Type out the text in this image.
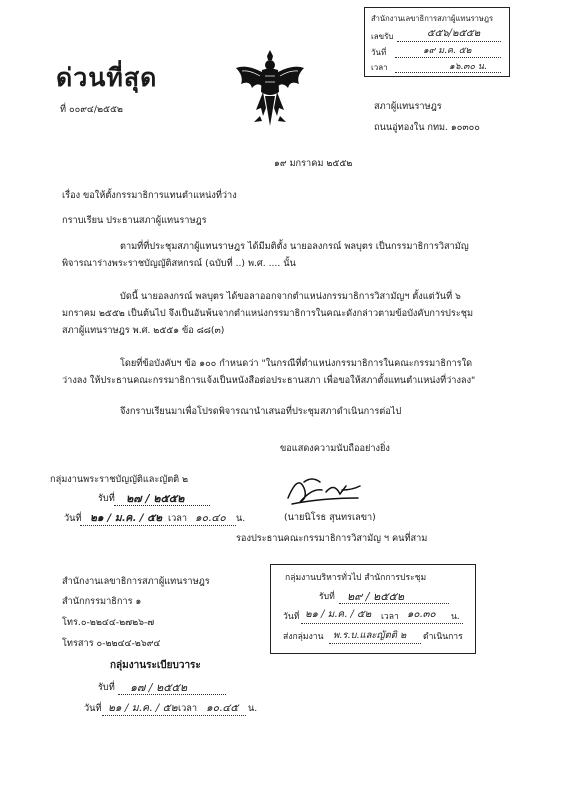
ด่วนที่สุด
ที่ ๐๐๙๔/๒๕๕๒
สำนักงานเลขาธิการสภาผู้แทนราษฎร
เลขรับ	๕๕๖/๒๕๕๒
วันที่	๑๙ ม.ค. ๕๒
เวลา	๑๖.๓๐ น.
สภาผู้แทนราษฎร
ถนนอู่ทองใน กทม. ๑๐๓๐๐
๑๙ มกราคม ๒๕๕๒
เรื่อง ขอให้ตั้งกรรมาธิการแทนตำแหน่งที่ว่าง
กราบเรียน ประธานสภาผู้แทนราษฎร
ตามที่ที่ประชุมสภาผู้แทนราษฎร ได้มีมติตั้ง นายอลงกรณ์ พลบุตร เป็นกรรมาธิการวิสามัญ
พิจารณาร่างพระราชบัญญัติสหกรณ์ (ฉบับที่ ..) พ.ศ. .... นั้น
บัดนี้ นายอลงกรณ์ พลบุตร ได้ขอลาออกจากตำแหน่งกรรมาธิการวิสามัญฯ ตั้งแต่วันที่ ๖
มกราคม ๒๕๕๒ เป็นต้นไป จึงเป็นอันพ้นจากตำแหน่งกรรมาธิการในคณะดังกล่าวตามข้อบังคับการประชุม
สภาผู้แทนราษฎร พ.ศ. ๒๕๕๑ ข้อ ๘๘(๓)
โดยที่ข้อบังคับฯ ข้อ ๑๐๐ กำหนดว่า "ในกรณีที่ตำแหน่งกรรมาธิการในคณะกรรมาธิการใด
ว่างลง ให้ประธานคณะกรรมาธิการแจ้งเป็นหนังสือต่อประธานสภา เพื่อขอให้สภาตั้งแทนตำแหน่งที่ว่างลง"
จึงกราบเรียนมาเพื่อโปรดพิจารณานำเสนอที่ประชุมสภาดำเนินการต่อไป
ขอแสดงความนับถืออย่างยิ่ง
(นายนิโรธ สุนทรเลขา)
รองประธานคณะกรรมาธิการวิสามัญ ฯ คนที่สาม
กลุ่มงานพระราชบัญญัติและญัตติ ๒
รับที่ ๒๗ / ๒๕๕๒
วันที่ ๒๑ / ม.ค. / ๕๒ เวลา ๑๐.๔๐ น.
สำนักงานเลขาธิการสภาผู้แทนราษฎร
สำนักกรรมาธิการ ๑
โทร.๐-๒๒๔๔-๒๗๒๖-๗
โทรสาร ๐-๒๒๔๔-๒๖๙๔
กลุ่มงานบริหารทั่วไป สำนักการประชุม
รับที่ ๒๙ / ๒๕๕๒
วันที่ ๒๑ / ม.ค. / ๕๒ เวลา ๑๐.๓๐ น.
ส่งกลุ่มงาน พ.ร.บ.และญัตติ ๒ ดำเนินการ
กลุ่มงานระเบียบวาระ
รับที่ ๑๗ / ๒๕๕๒
วันที่ ๒๑ / ม.ค. / ๕๒ เวลา ๑๐.๔๕ น.
